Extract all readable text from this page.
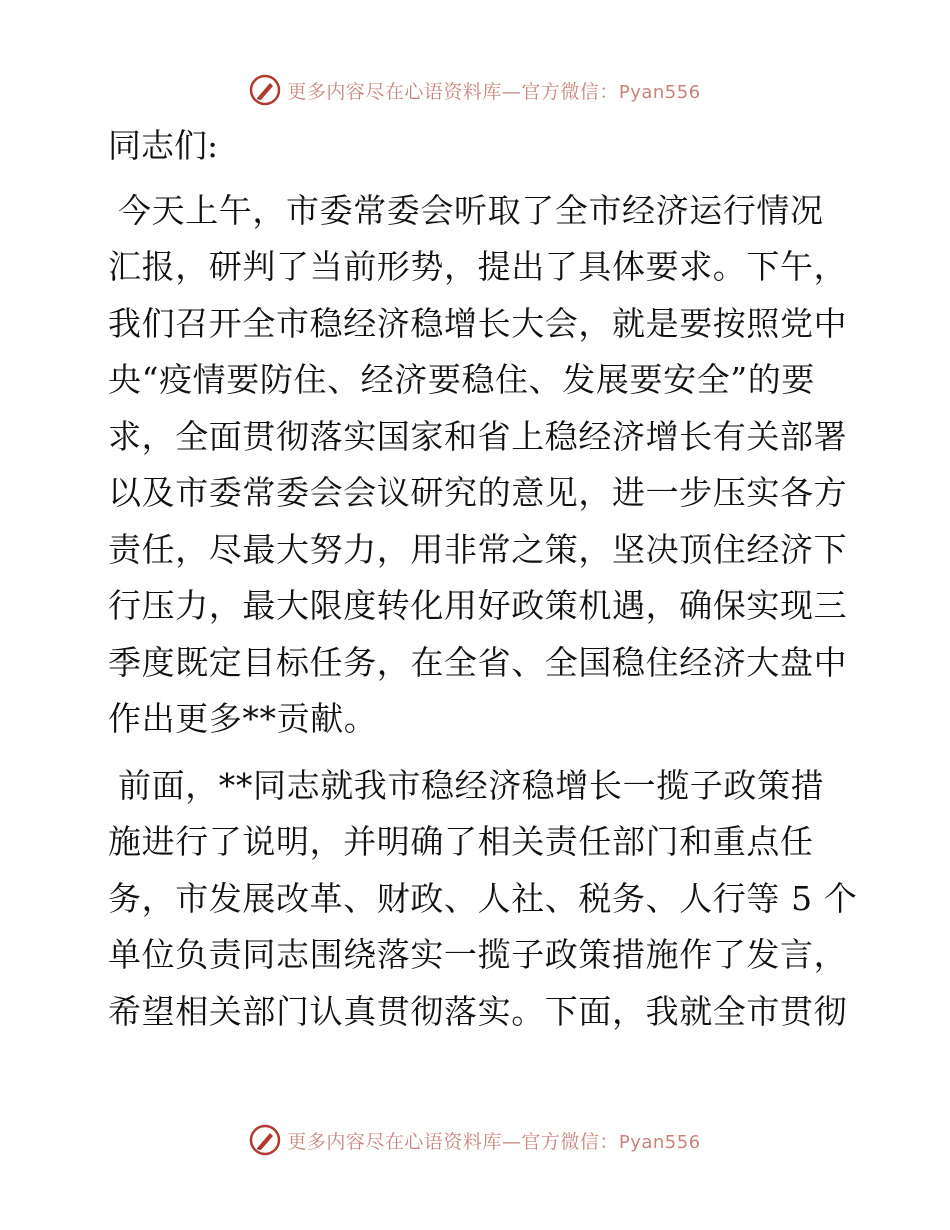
更多内容尽在心语资料库—官方微信：Pyan556
同志们:
今天上午，市委常委会听取了全市经济运行情况
汇报，研判了当前形势，提出了具体要求。下午，
我们召开全市稳经济稳增长大会，就是要按照党中
央“疫情要防住、经济要稳住、发展要安全”的要
求，全面贯彻落实国家和省上稳经济增长有关部署
以及市委常委会会议研究的意见，进一步压实各方
责任，尽最大努力，用非常之策，坚决顶住经济下
行压力，最大限度转化用好政策机遇，确保实现三
季度既定目标任务，在全省、全国稳住经济大盘中
作出更多**贡献。
前面，**同志就我市稳经济稳增长一揽子政策措
施进行了说明，并明确了相关责任部门和重点任
务，市发展改革、财政、人社、税务、人行等 5 个
单位负责同志围绕落实一揽子政策措施作了发言，
希望相关部门认真贯彻落实。下面，我就全市贯彻
更多内容尽在心语资料库—官方微信：Pyan556
